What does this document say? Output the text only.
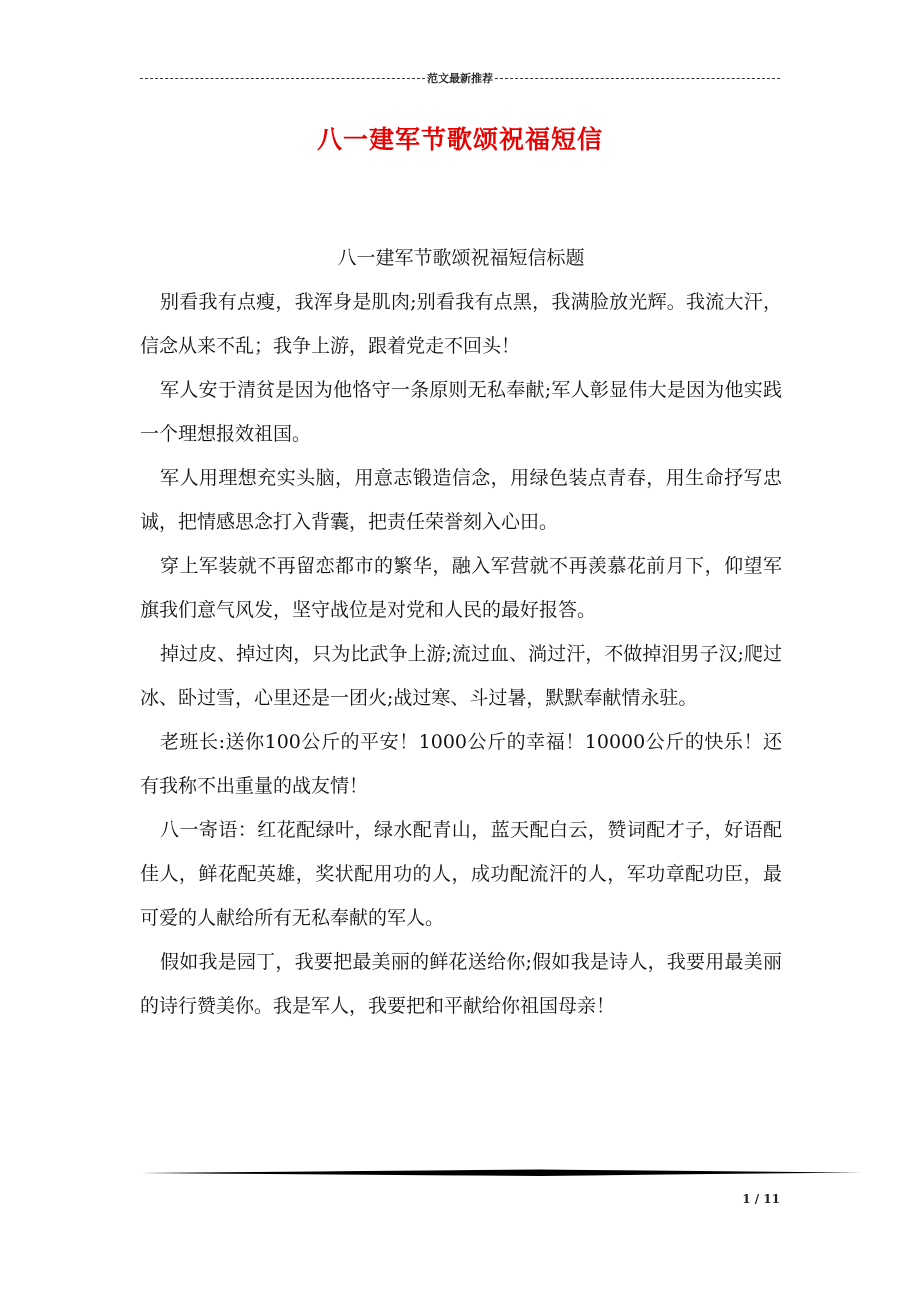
范文最新推荐
八一建军节歌颂祝福短信

八一建军节歌颂祝福短信标题

别看我有点瘦，我浑身是肌肉;别看我有点黑，我满脸放光辉。我流大汗，信念从来不乱；我争上游，跟着党走不回头！

军人安于清贫是因为他恪守一条原则无私奉献;军人彰显伟大是因为他实践一个理想报效祖国。

军人用理想充实头脑，用意志锻造信念，用绿色装点青春，用生命抒写忠诚，把情感思念打入背囊，把责任荣誉刻入心田。

穿上军装就不再留恋都市的繁华，融入军营就不再羡慕花前月下，仰望军旗我们意气风发，坚守战位是对党和人民的最好报答。

掉过皮、掉过肉，只为比武争上游;流过血、淌过汗，不做掉泪男子汉;爬过冰、卧过雪，心里还是一团火;战过寒、斗过暑，默默奉献情永驻。

老班长:送你100公斤的平安！1000公斤的幸福！10000公斤的快乐！还有我称不出重量的战友情！

八一寄语：红花配绿叶，绿水配青山，蓝天配白云，赞词配才子，好语配佳人，鲜花配英雄，奖状配用功的人，成功配流汗的人，军功章配功臣，最可爱的人献给所有无私奉献的军人。

假如我是园丁，我要把最美丽的鲜花送给你;假如我是诗人，我要用最美丽的诗行赞美你。我是军人，我要把和平献给你祖国母亲！

1 / 11
